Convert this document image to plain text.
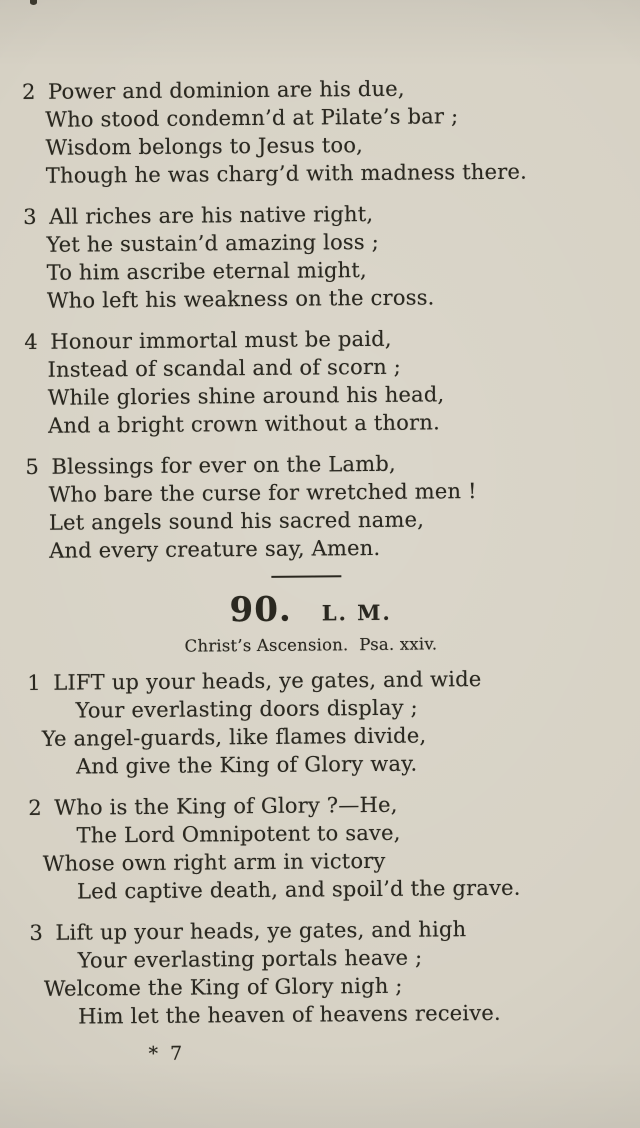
2 Power and dominion are his due,
Who stood condemn’d at Pilate’s bar ;
Wisdom belongs to Jesus too,
Though he was charg’d with madness there.
3 All riches are his native right,
Yet he sustain’d amazing loss ;
To him ascribe eternal might,
Who left his weakness on the cross.
4 Honour immortal must be paid,
Instead of scandal and of scorn ;
While glories shine around his head,
And a bright crown without a thorn.
5 Blessings for ever on the Lamb,
Who bare the curse for wretched men !
Let angels sound his sacred name,
And every creature say, Amen.
90. L. M.
Christ’s Ascension.  Psa. xxiv.
1 LIFT up your heads, ye gates, and wide
Your everlasting doors display ;
Ye angel-guards, like flames divide,
And give the King of Glory way.
2 Who is the King of Glory ?—He,
The Lord Omnipotent to save,
Whose own right arm in victory
Led captive death, and spoil’d the grave.
3 Lift up your heads, ye gates, and high
Your everlasting portals heave ;
Welcome the King of Glory nigh ;
Him let the heaven of heavens receive.
* 7
